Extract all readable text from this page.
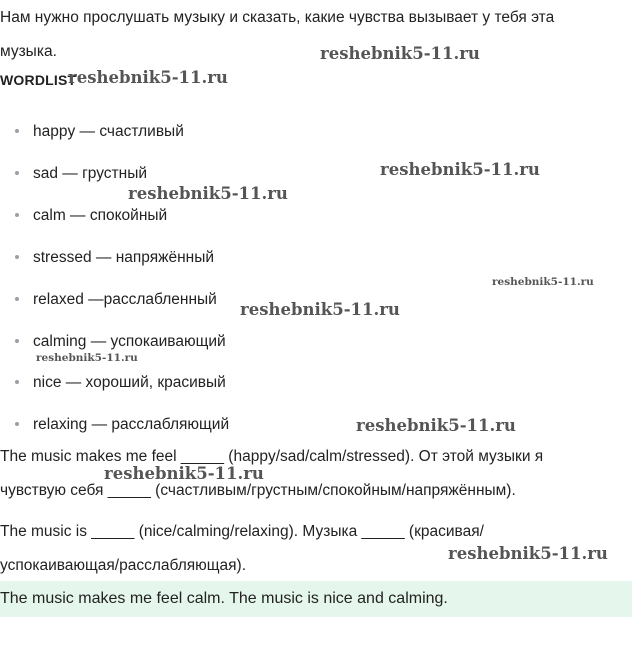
Нам нужно прослушать музыку и сказать, какие чувства вызывает у тебя эта
музыка.
WORDLIST
happy — счастливый
sad — грустный
calm — спокойный
stressed — напряжённый
relaxed —расслабленный
calming — успокаивающий
nice — хороший, красивый
relaxing — расслабляющий
The music makes me feel _____ (happy/sad/calm/stressed). От этой музыки я
чувствую себя _____ (счастливым/грустным/спокойным/напряжённым).
The music is _____ (nice/calming/relaxing). Музыка _____ (красивая/
успокаивающая/расслабляющая).
The music makes me feel calm. The music is nice and calming.
reshebnik5-11.ru
reshebnik5-11.ru
reshebnik5-11.ru
reshebnik5-11.ru
reshebnik5-11.ru
reshebnik5-11.ru
reshebnik5-11.ru
reshebnik5-11.ru
reshebnik5-11.ru
reshebnik5-11.ru
